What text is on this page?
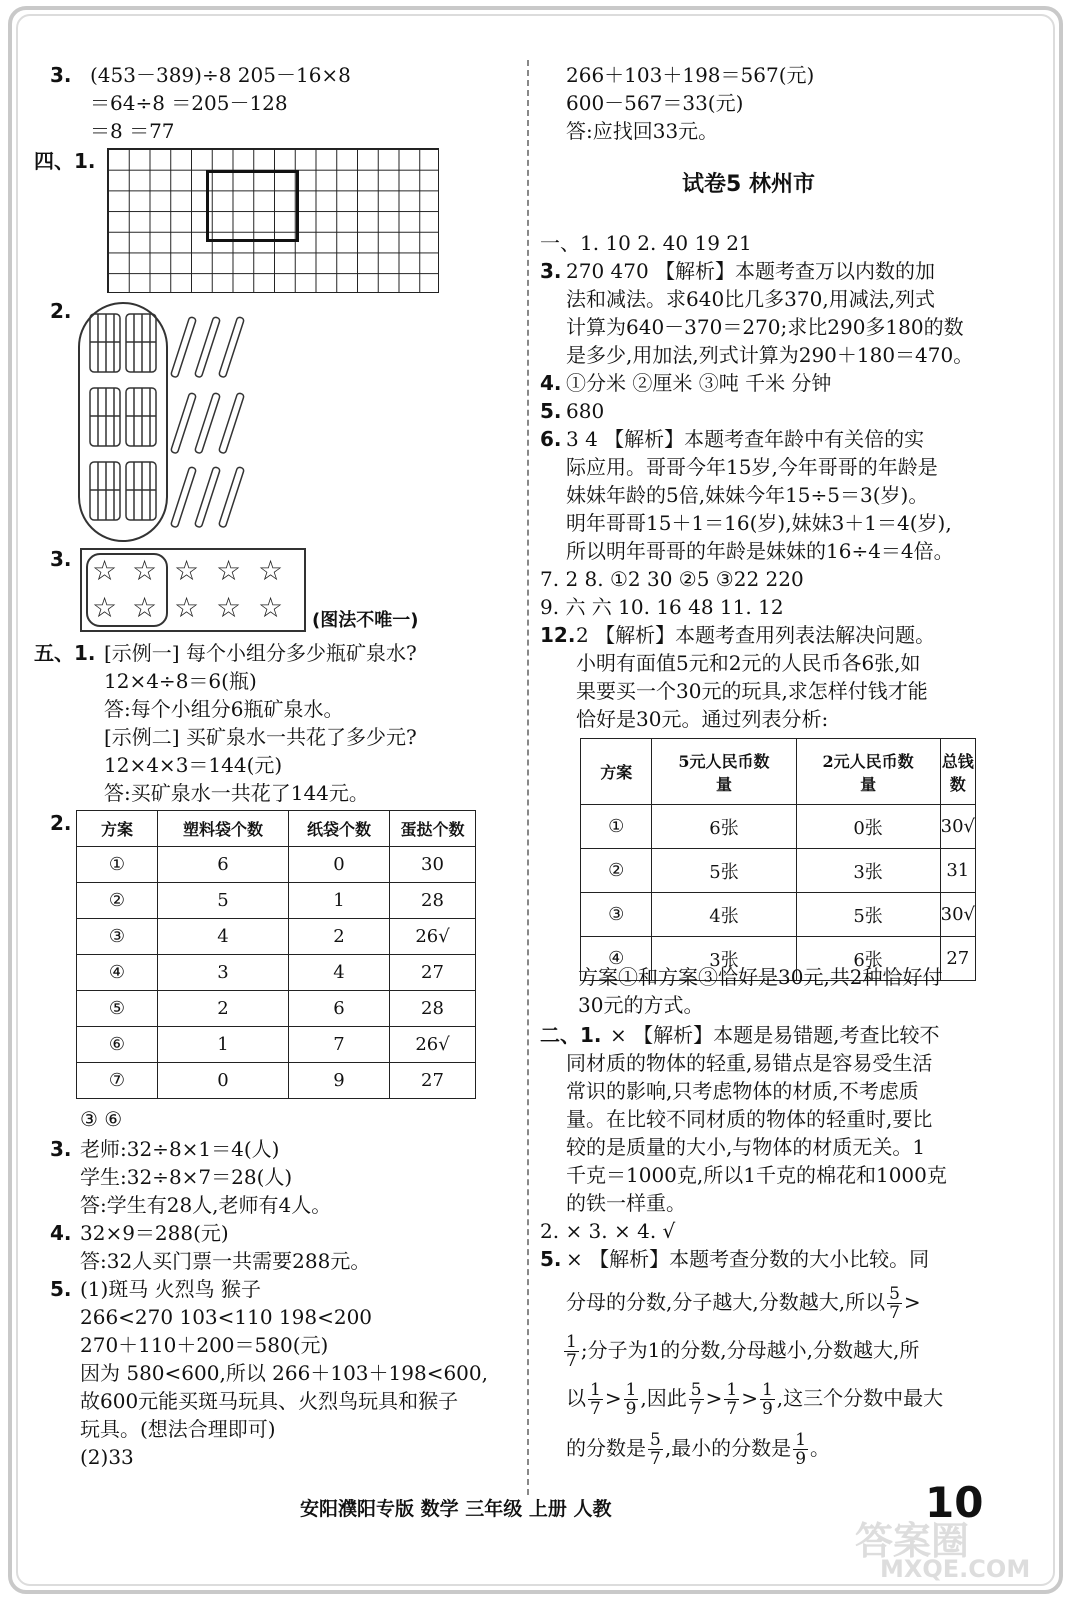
3. (453－389)÷8 205－16×8
＝64÷8 ＝205－128
＝8 ＝77
四、1.
2.
3. ☆ ☆ ☆ ☆ ☆
☆ ☆ ☆ ☆ ☆ (图法不唯一)
五、1. [示例一] 每个小组分多少瓶矿泉水?
12×4÷8＝6(瓶)
答:每个小组分6瓶矿泉水。
[示例二] 买矿泉水一共花了多少元?
12×4×3＝144(元)
答:买矿泉水一共花了144元。
2. 方案	塑料袋个数	纸袋个数	蛋挞个数
①	6	0	30
②	5	1	28
③	4	2	26√
④	3	4	27
⑤	2	6	28
⑥	1	7	26√
⑦	0	9	27
③ ⑥
3. 老师:32÷8×1＝4(人)
学生:32÷8×7＝28(人)
答:学生有28人,老师有4人。
4. 32×9＝288(元)
答:32人买门票一共需要288元。
5. (1)斑马 火烈鸟 猴子
266<270 103<110 198<200
270＋110＋200＝580(元)
因为 580<600,所以 266＋103＋198<600,
故600元能买斑马玩具、火烈鸟玩具和猴子
玩具。(想法合理即可)
(2)33
266＋103＋198＝567(元)
600－567＝33(元)
答:应找回33元。
试卷5 林州市
一、1. 10 2. 40 19 21
3. 270 470 【解析】本题考查万以内数的加
法和减法。求640比几多370,用减法,列式
计算为640－370＝270;求比290多180的数
是多少,用加法,列式计算为290＋180＝470。
4. ①分米 ②厘米 ③吨 千米 分钟
5. 680
6. 3 4 【解析】本题考查年龄中有关倍的实
际应用。哥哥今年15岁,今年哥哥的年龄是
妹妹年龄的5倍,妹妹今年15÷5＝3(岁)。
明年哥哥15＋1＝16(岁),妹妹3＋1＝4(岁),
所以明年哥哥的年龄是妹妹的16÷4＝4倍。
7. 2 8. ①2 30 ②5 ③22 220
9. 六 六 10. 16 48 11. 12
12. 2 【解析】本题考查用列表法解决问题。
小明有面值5元和2元的人民币各6张,如
果要买一个30元的玩具,求怎样付钱才能
恰好是30元。通过列表分析:
方案	5元人民币数量	2元人民币数量	总钱数
①	6张	0张	30√
②	5张	3张	31
③	4张	5张	30√
④	3张	6张	27
方案①和方案③恰好是30元,共2种恰好付
30元的方式。
二、1. × 【解析】本题是易错题,考查比较不
同材质的物体的轻重,易错点是容易受生活
常识的影响,只考虑物体的材质,不考虑质
量。在比较不同材质的物体的轻重时,要比
较的是质量的大小,与物体的材质无关。1
千克＝1000克,所以1千克的棉花和1000克
的铁一样重。
2. × 3. × 4. √
5. × 【解析】本题考查分数的大小比较。同
分母的分数,分子越大,分数越大,所以 $\frac{5}{7}$ >
$\frac{1}{7}$ ;分子为1的分数,分母越小,分数越大,所
以 $\frac{1}{7} > \frac{1}{9}$ ,因此 $\frac{5}{7} > \frac{1}{7} > \frac{1}{9}$ ,这三个分数中最大
的分数是 $\frac{5}{7}$ ,最小的分数是 $\frac{1}{9}$ 。
安阳濮阳专版 数学 三年级 上册 人教	10
答案圈
MXQE.COM
